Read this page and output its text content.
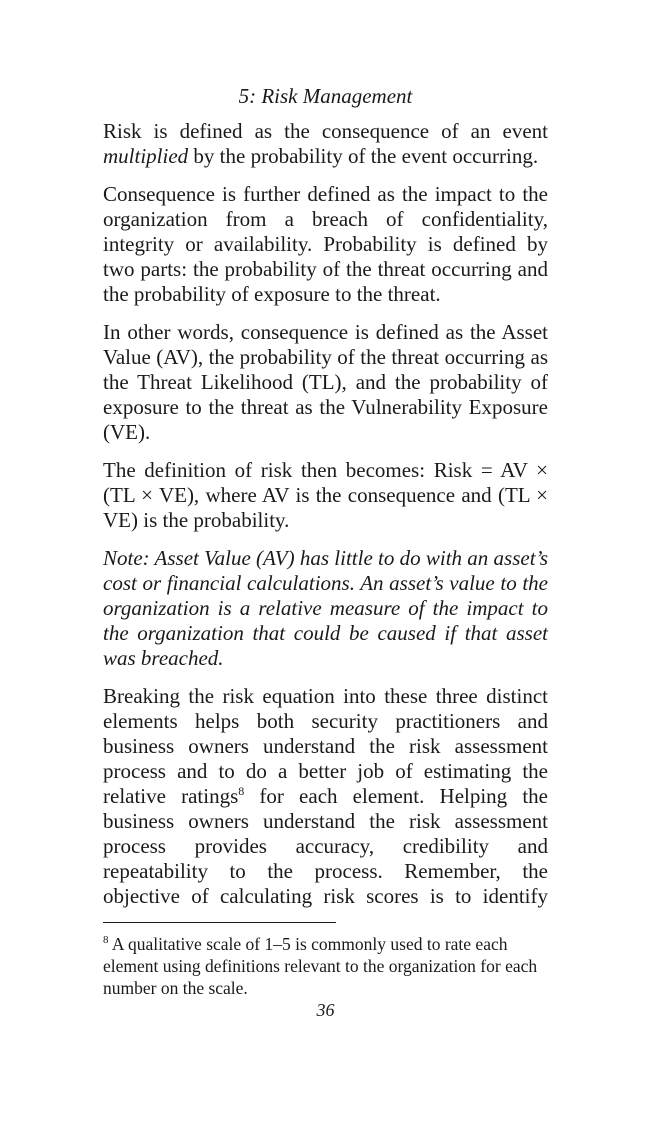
5: Risk Management

Risk is defined as the consequence of an event multiplied by the probability of the event occurring.

Consequence is further defined as the impact to the organization from a breach of confidentiality, integrity or availability. Probability is defined by two parts: the probability of the threat occurring and the probability of exposure to the threat.

In other words, consequence is defined as the Asset Value (AV), the probability of the threat occurring as the Threat Likelihood (TL), and the probability of exposure to the threat as the Vulnerability Exposure (VE).

The definition of risk then becomes: Risk = AV × (TL × VE), where AV is the consequence and (TL × VE) is the probability.

Note: Asset Value (AV) has little to do with an asset’s cost or financial calculations. An asset’s value to the organization is a relative measure of the impact to the organization that could be caused if that asset was breached.

Breaking the risk equation into these three distinct elements helps both security practitioners and business owners understand the risk assessment process and to do a better job of estimating the relative ratings$^8$ for each element. Helping the business owners understand the risk assessment process provides accuracy, credibility and repeatability to the process. Remember, the objective of calculating risk scores is to identify

$^8$ A qualitative scale of 1–5 is commonly used to rate each element using definitions relevant to the organization for each number on the scale.

36
